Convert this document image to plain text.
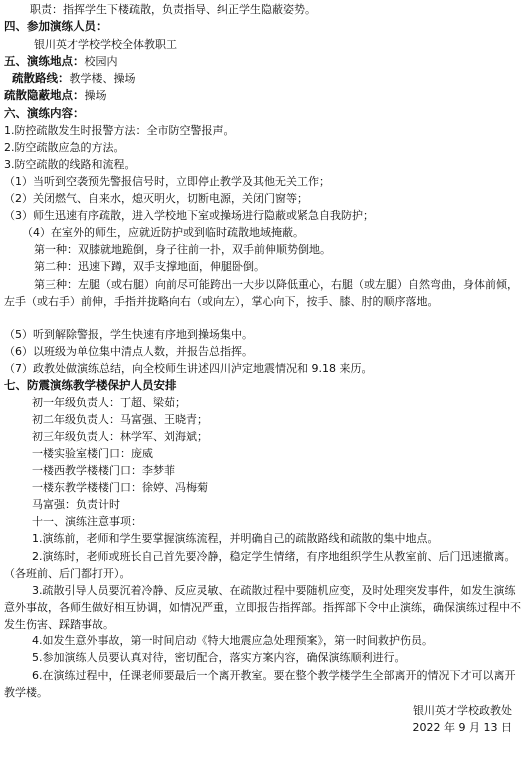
职责：指挥学生下楼疏散，负责指导、纠正学生隐蔽姿势。
四、参加演练人员：
银川英才学校学校全体教职工
五、演练地点：校园内
疏散路线：教学楼、操场
疏散隐蔽地点：操场
六、演练内容：
1.防控疏散发生时报警方法：全市防空警报声。
2.防空疏散应急的方法。
3.防空疏散的线路和流程。
（1）当听到空袭预先警报信号时，立即停止教学及其他无关工作；
（2）关闭燃气、自来水，熄灭明火，切断电源，关闭门窗等；
（3）师生迅速有序疏散，进入学校地下室或操场进行隐蔽或紧急自我防护；
（4）在室外的师生，应就近防护或到临时疏散地域掩蔽。
第一种：双膝就地跪倒，身子往前一扑，双手前伸顺势倒地。
第二种：迅速下蹲，双手支撑地面，伸腿卧倒。
第三种：左腿（或右腿）向前尽可能跨出一大步以降低重心，右腿（或左腿）自然弯曲，身体前倾，左手（或右手）前伸，手指并拢略向右（或向左），掌心向下，按手、膝、肘的顺序落地。
（5）听到解除警报，学生快速有序地到操场集中。
（6）以班级为单位集中清点人数，并报告总指挥。
（7）政教处做演练总结，向全校师生讲述四川泸定地震情况和 9.18 来历。
七、防震演练教学楼保护人员安排
初一年级负责人：丁超、梁茹；
初二年级负责人：马富强、王晓青；
初三年级负责人：林学军、刘海斌；
一楼实验室楼门口：庞威
一楼西教学楼楼门口：李梦菲
一楼东教学楼楼门口：徐婷、冯梅菊
马富强：负责计时
十一、演练注意事项：
1.演练前，老师和学生要掌握演练流程，并明确自己的疏散路线和疏散的集中地点。
2.演练时，老师或班长自己首先要冷静，稳定学生情绪，有序地组织学生从教室前、后门迅速撤离。（各班前、后门都打开）。
3.疏散引导人员要沉着冷静、反应灵敏、在疏散过程中要随机应变，及时处理突发事件，如发生演练意外事故，各师生做好相互协调，如情况严重，立即报告指挥部。指挥部下令中止演练，确保演练过程中不发生伤害、踩踏事故。
4.如发生意外事故，第一时间启动《特大地震应急处理预案》，第一时间救护伤员。
5.参加演练人员要认真对待，密切配合，落实方案内容，确保演练顺利进行。
6.在演练过程中，任课老师要最后一个离开教室。要在整个教学楼学生全部离开的情况下才可以离开教学楼。
银川英才学校政教处
2022 年 9 月 13 日
